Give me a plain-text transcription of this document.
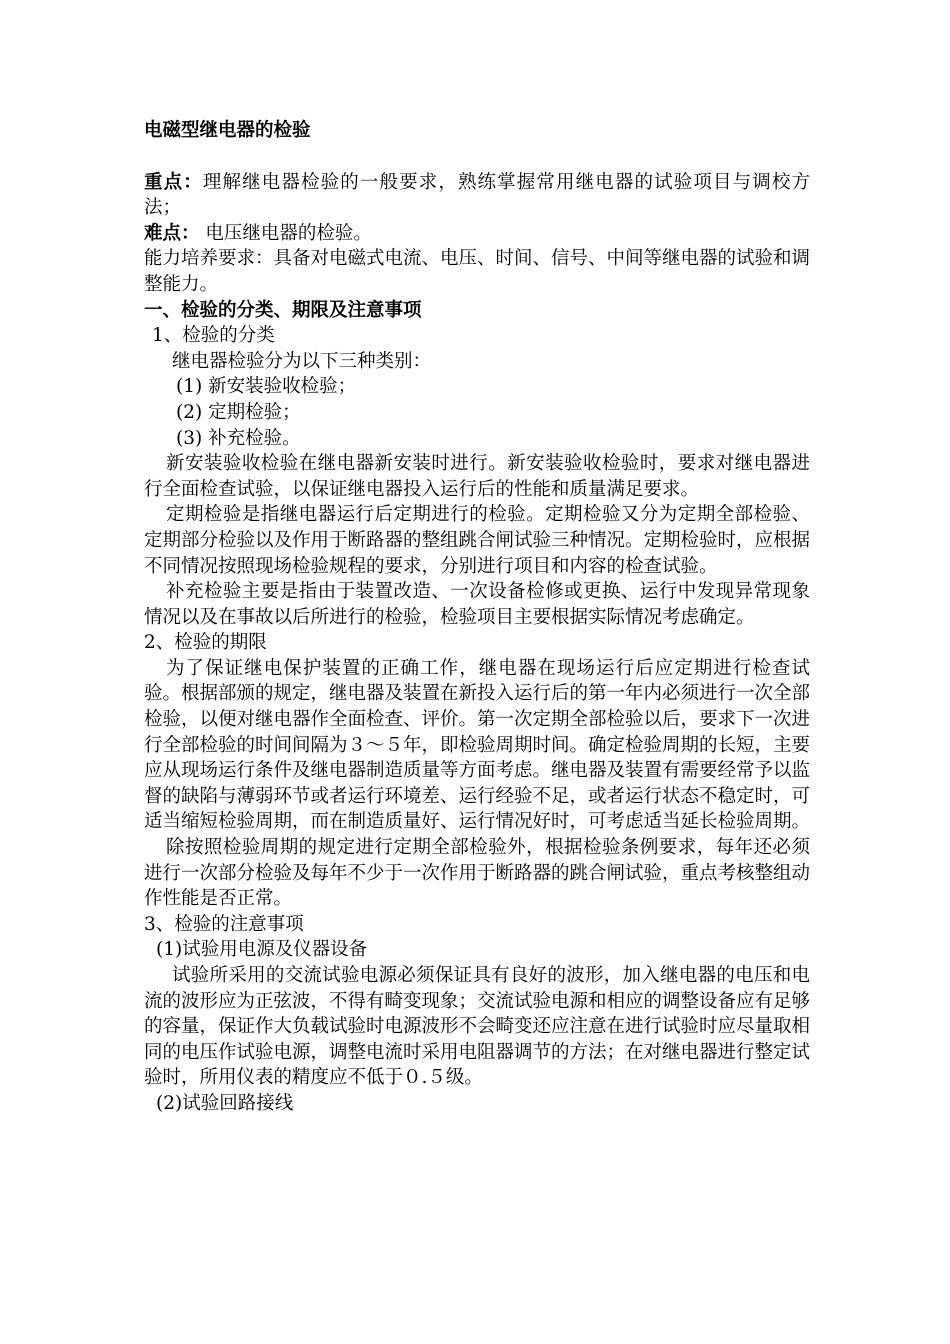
电磁型继电器的检验

重点：理解继电器检验的一般要求，熟练掌握常用继电器的试验项目与调校方法；

难点： 电压继电器的检验。

能力培养要求：具备对电磁式电流、电压、时间、信号、中间等继电器的试验和调整能力。

一、检验的分类、期限及注意事项

1、检验的分类

继电器检验分为以下三种类别：

(1) 新安装验收检验；

(2) 定期检验；

(3) 补充检验。

新安装验收检验在继电器新安装时进行。新安装验收检验时，要求对继电器进行全面检查试验，以保证继电器投入运行后的性能和质量满足要求。

定期检验是指继电器运行后定期进行的检验。定期检验又分为定期全部检验、定期部分检验以及作用于断路器的整组跳合闸试验三种情况。定期检验时，应根据不同情况按照现场检验规程的要求，分别进行项目和内容的检查试验。

补充检验主要是指由于装置改造、一次设备检修或更换、运行中发现异常现象情况以及在事故以后所进行的检验，检验项目主要根据实际情况考虑确定。

2、检验的期限

为了保证继电保护装置的正确工作，继电器在现场运行后应定期进行检查试验。根据部颁的规定，继电器及装置在新投入运行后的第一年内必须进行一次全部检验，以便对继电器作全面检查、评价。第一次定期全部检验以后，要求下一次进行全部检验的时间间隔为３～５年，即检验周期时间。确定检验周期的长短，主要应从现场运行条件及继电器制造质量等方面考虑。继电器及装置有需要经常予以监督的缺陷与薄弱环节或者运行环境差、运行经验不足，或者运行状态不稳定时，可适当缩短检验周期，而在制造质量好、运行情况好时，可考虑适当延长检验周期。

除按照检验周期的规定进行定期全部检验外，根据检验条例要求，每年还必须进行一次部分检验及每年不少于一次作用于断路器的跳合闸试验，重点考核整组动作性能是否正常。

3、检验的注意事项

(1)试验用电源及仪器设备

试验所采用的交流试验电源必须保证具有良好的波形，加入继电器的电压和电流的波形应为正弦波，不得有畸变现象；交流试验电源和相应的调整设备应有足够的容量，保证作大负载试验时电源波形不会畸变还应注意在进行试验时应尽量取相同的电压作试验电源，调整电流时采用电阻器调节的方法；在对继电器进行整定试验时，所用仪表的精度应不低于０.５级。

(2)试验回路接线
